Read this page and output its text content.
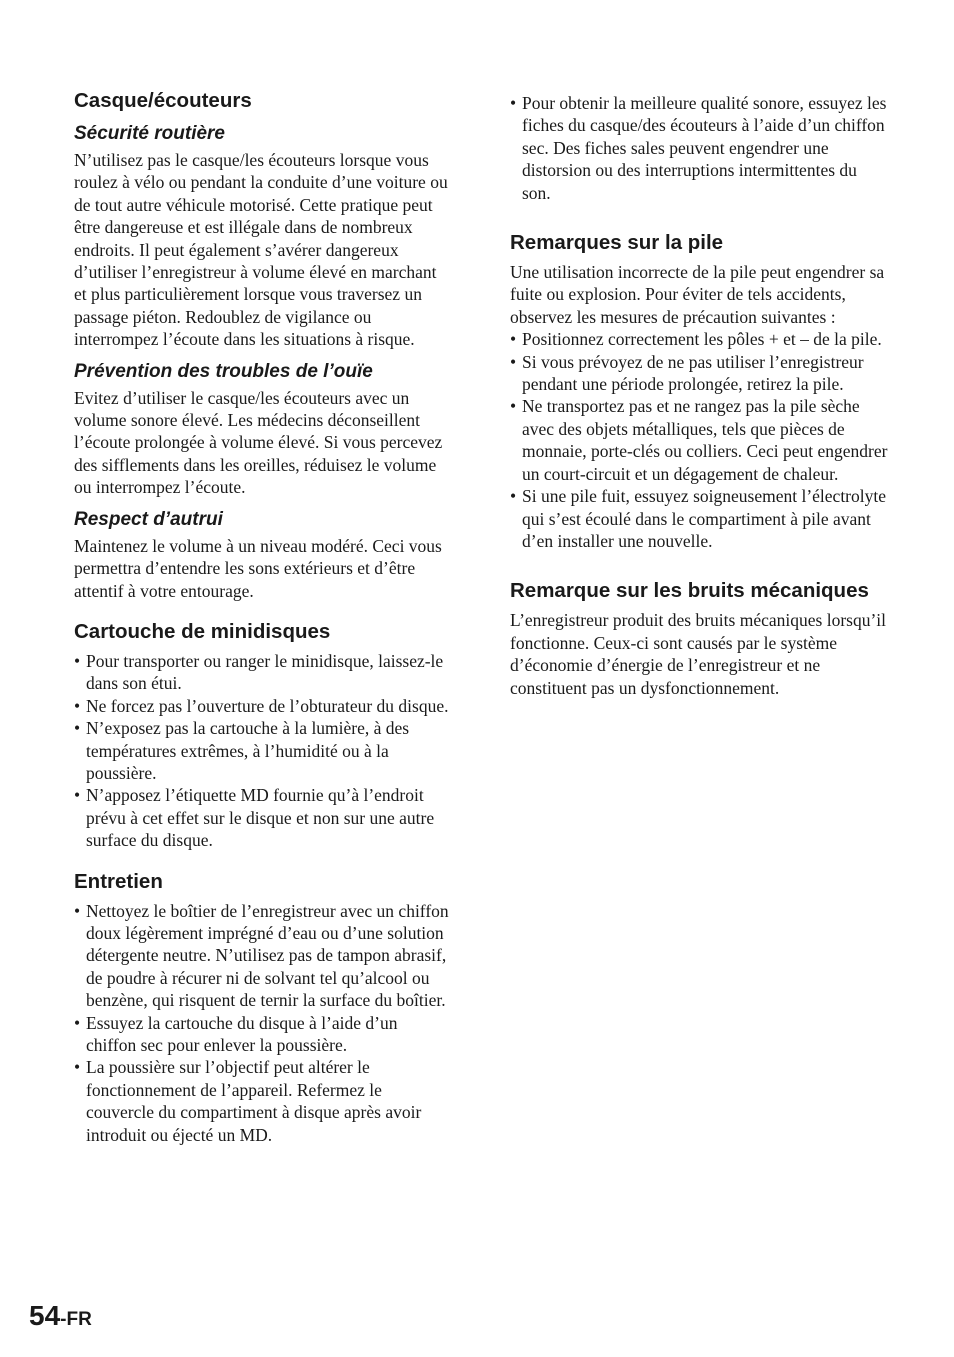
Casque/écouteurs
Sécurité routière

N’utilisez pas le casque/les écouteurs lorsque vous roulez à vélo ou pendant la conduite d’une voiture ou de tout autre véhicule motorisé. Cette pratique peut être dangereuse et est illégale dans de nombreux endroits. Il peut également s’avérer dangereux d’utiliser l’enregistreur à volume élevé en marchant et plus particulièrement lorsque vous traversez un passage piéton. Redoublez de vigilance ou interrompez l’écoute dans les situations à risque.

Prévention des troubles de l’ouïe

Evitez d’utiliser le casque/les écouteurs avec un volume sonore élevé. Les médecins déconseillent l’écoute prolongée à volume élevé. Si vous percevez des sifflements dans les oreilles, réduisez le volume ou interrompez l’écoute.

Respect d’autrui

Maintenez le volume à un niveau modéré. Ceci vous permettra d’entendre les sons extérieurs et d’être attentif à votre entourage.

Cartouche de minidisques
• Pour transporter ou ranger le minidisque, laissez-le dans son étui.
• Ne forcez pas l’ouverture de l’obturateur du disque.
• N’exposez pas la cartouche à la lumière, à des températures extrêmes, à l’humidité ou à la poussière.
• N’apposez l’étiquette MD fournie qu’à l’endroit prévu à cet effet sur le disque et non sur une autre surface du disque.
Entretien
• Nettoyez le boîtier de l’enregistreur avec un chiffon doux légèrement imprégné d’eau ou d’une solution détergente neutre. N’utilisez pas de tampon abrasif, de poudre à récurer ni de solvant tel qu’alcool ou benzène, qui risquent de ternir la surface du boîtier.
• Essuyez la cartouche du disque à l’aide d’un chiffon sec pour enlever la poussière.
• La poussière sur l’objectif peut altérer le fonctionnement de l’appareil. Refermez le couvercle du compartiment à disque après avoir introduit ou éjecté un MD.
• Pour obtenir la meilleure qualité sonore, essuyez les fiches du casque/des écouteurs à l’aide d’un chiffon sec. Des fiches sales peuvent engendrer une distorsion ou des interruptions intermittentes du son.
Remarques sur la pile

Une utilisation incorrecte de la pile peut engendrer sa fuite ou explosion. Pour éviter de tels accidents, observez les mesures de précaution suivantes :

• Positionnez correctement les pôles + et – de la pile.
• Si vous prévoyez de ne pas utiliser l’enregistreur pendant une période prolongée, retirez la pile.
• Ne transportez pas et ne rangez pas la pile sèche avec des objets métalliques, tels que pièces de monnaie, porte-clés ou colliers. Ceci peut engendrer un court-circuit et un dégagement de chaleur.
• Si une pile fuit, essuyez soigneusement l’électrolyte qui s’est écoulé dans le compartiment à pile avant d’en installer une nouvelle.
Remarque sur les bruits mécaniques

L’enregistreur produit des bruits mécaniques lorsqu’il fonctionne. Ceux-ci sont causés par le système d’économie d’énergie de l’enregistreur et ne constituent pas un dysfonctionnement.

54-FR
